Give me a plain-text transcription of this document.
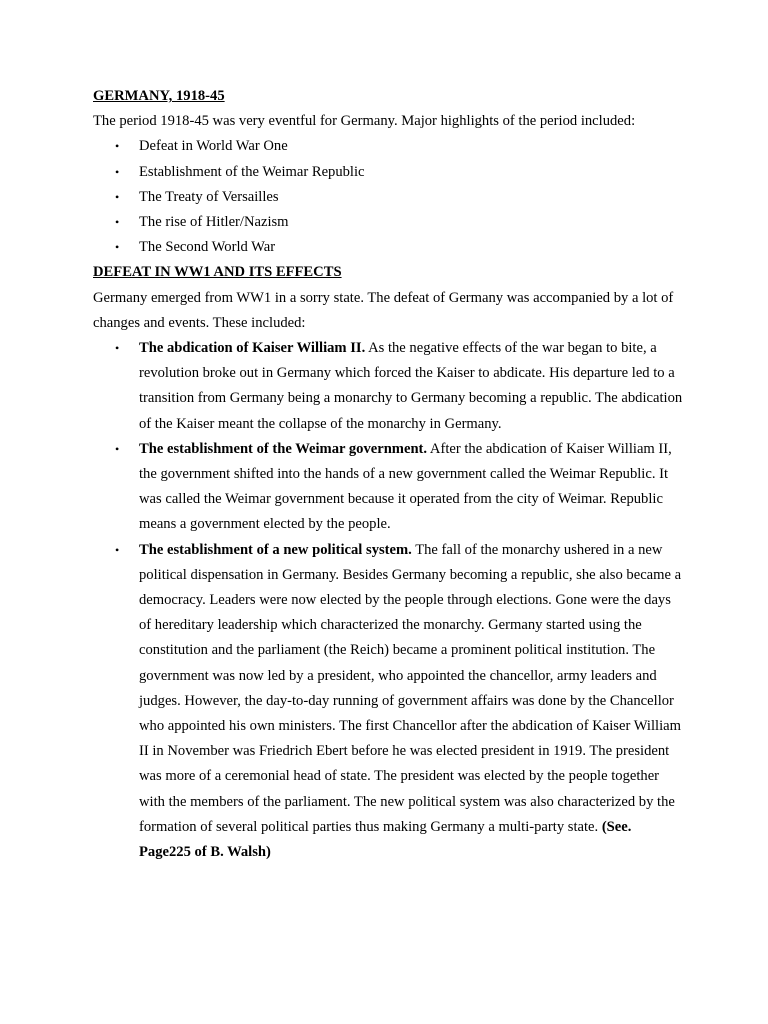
GERMANY, 1918-45

The period 1918-45 was very eventful for Germany. Major highlights of the period included:

• Defeat in World War One
• Establishment of the Weimar Republic
• The Treaty of Versailles
• The rise of Hitler/Nazism
• The Second World War

DEFEAT IN WW1 AND ITS EFFECTS

Germany emerged from WW1 in a sorry state. The defeat of Germany was accompanied by a lot of changes and events. These included:

• The abdication of Kaiser William II. As the negative effects of the war began to bite, a revolution broke out in Germany which forced the Kaiser to abdicate. His departure led to a transition from Germany being a monarchy to Germany becoming a republic. The abdication of the Kaiser meant the collapse of the monarchy in Germany.
• The establishment of the Weimar government. After the abdication of Kaiser William II, the government shifted into the hands of a new government called the Weimar Republic. It was called the Weimar government because it operated from the city of Weimar. Republic means a government elected by the people.
• The establishment of a new political system. The fall of the monarchy ushered in a new political dispensation in Germany. Besides Germany becoming a republic, she also became a democracy. Leaders were now elected by the people through elections. Gone were the days of hereditary leadership which characterized the monarchy. Germany started using the constitution and the parliament (the Reich) became a prominent political institution. The government was now led by a president, who appointed the chancellor, army leaders and judges. However, the day-to-day running of government affairs was done by the Chancellor who appointed his own ministers. The first Chancellor after the abdication of Kaiser William II in November was Friedrich Ebert before he was elected president in 1919. The president was more of a ceremonial head of state. The president was elected by the people together with the members of the parliament. The new political system was also characterized by the formation of several political parties thus making Germany a multi-party state. (See. Page225 of B. Walsh)
